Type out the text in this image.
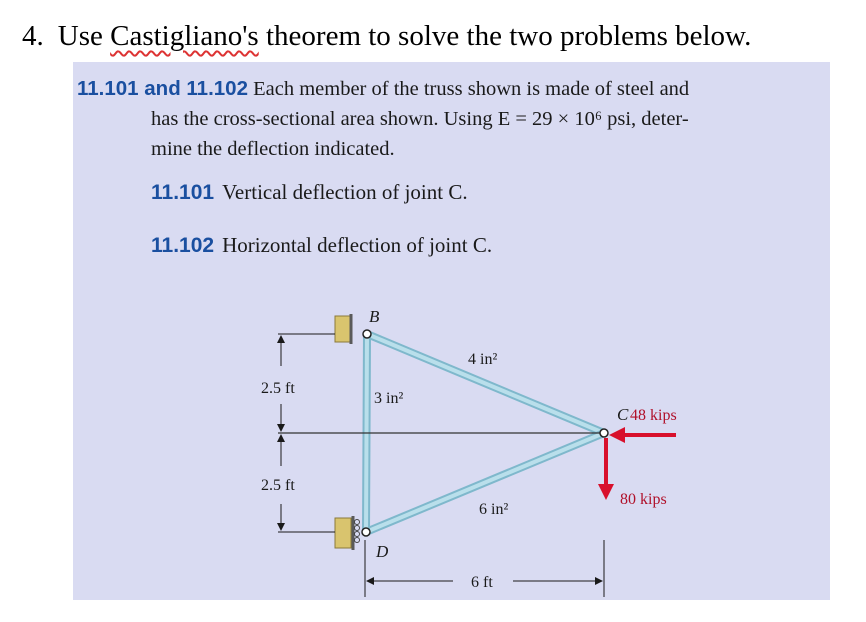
4. Use Castigliano's theorem to solve the two problems below.
11.101 and 11.102 Each member of the truss shown is made of steel and
has the cross-sectional area shown. Using E = 29 × 10⁶ psi, deter-
mine the deflection indicated.
11.101 Vertical deflection of joint C.
11.102 Horizontal deflection of joint C.
B
C
D
4 in²
3 in²
6 in²
2.5 ft
2.5 ft
6 ft
48 kips
80 kips
